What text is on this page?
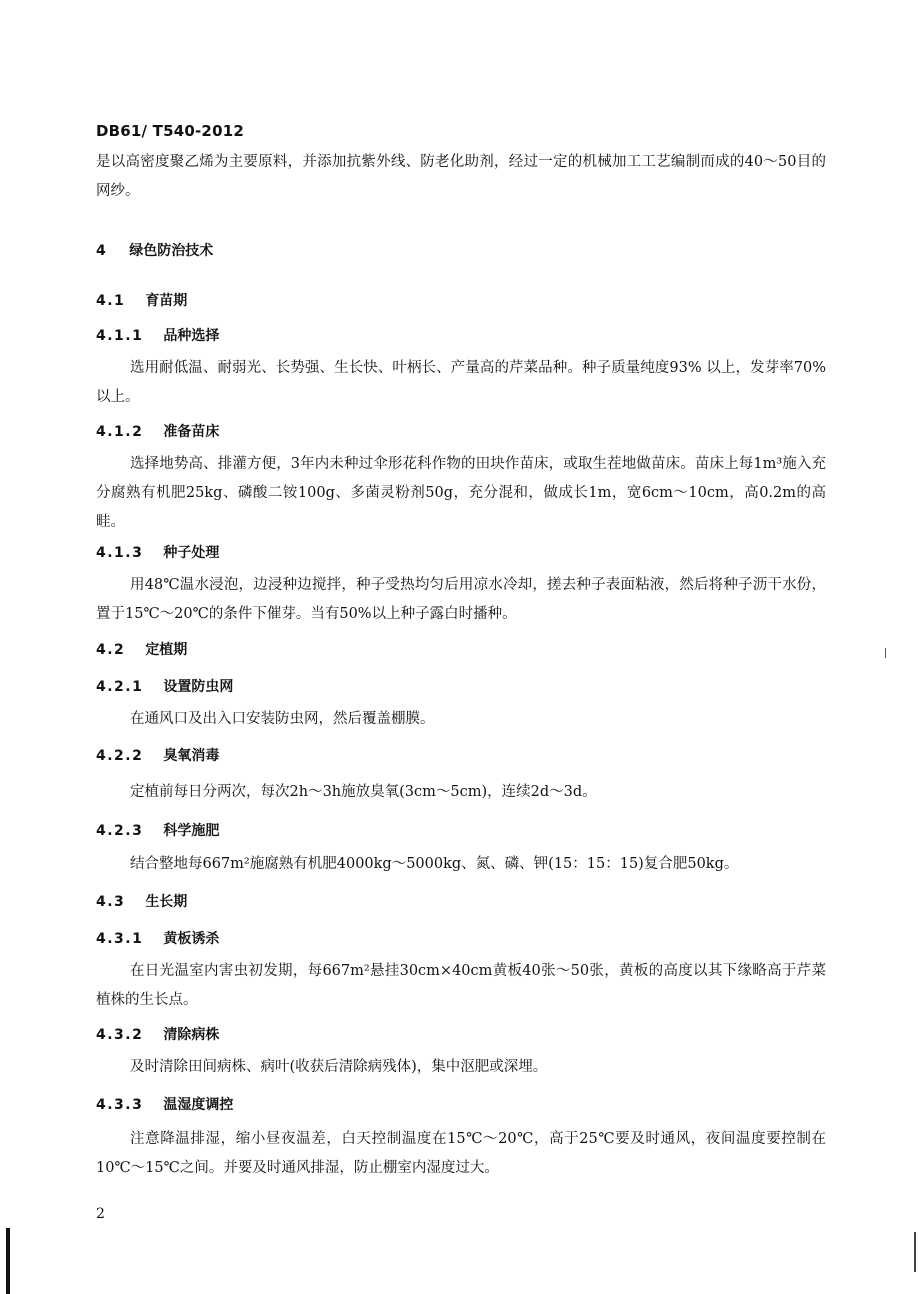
DB61/ T540-2012

是以高密度聚乙烯为主要原料，并添加抗紫外线、防老化助剂，经过一定的机械加工工艺编制而成的40～50目的网纱。

4 绿色防治技术
4.1 育苗期
4.1.1 品种选择

选用耐低温、耐弱光、长势强、生长快、叶柄长、产量高的芹菜品种。种子质量纯度93% 以上，发芽率70% 以上。

4.1.2 准备苗床

选择地势高、排灌方便，3年内未种过伞形花科作物的田块作苗床，或取生茬地做苗床。苗床上每1m³施入充分腐熟有机肥25kg、磷酸二铵100g、多菌灵粉剂50g，充分混和，做成长1m，宽6cm～10cm，高0.2m的高畦。

4.1.3 种子处理

用48℃温水浸泡，边浸种边搅拌，种子受热均匀后用凉水冷却，搓去种子表面粘液，然后将种子沥干水份，置于15℃～20℃的条件下催芽。当有50%以上种子露白时播种。

4.2 定植期
4.2.1 设置防虫网

在通风口及出入口安装防虫网，然后覆盖棚膜。

4.2.2 臭氧消毒

定植前每日分两次，每次2h～3h施放臭氧(3cm～5cm)，连续2d～3d。

4.2.3 科学施肥

结合整地每667m²施腐熟有机肥4000kg～5000kg、氮、磷、钾(15：15：15)复合肥50kg。

4.3 生长期
4.3.1 黄板诱杀

在日光温室内害虫初发期，每667m²悬挂30cm×40cm黄板40张～50张，黄板的高度以其下缘略高于芹菜植株的生长点。

4.3.2 清除病株

及时清除田间病株、病叶(收获后清除病残体)，集中沤肥或深埋。

4.3.3 温湿度调控

注意降温排湿，缩小昼夜温差，白天控制温度在15℃～20℃，高于25℃要及时通风，夜间温度要控制在10℃～15℃之间。并要及时通风排湿，防止棚室内湿度过大。

2
